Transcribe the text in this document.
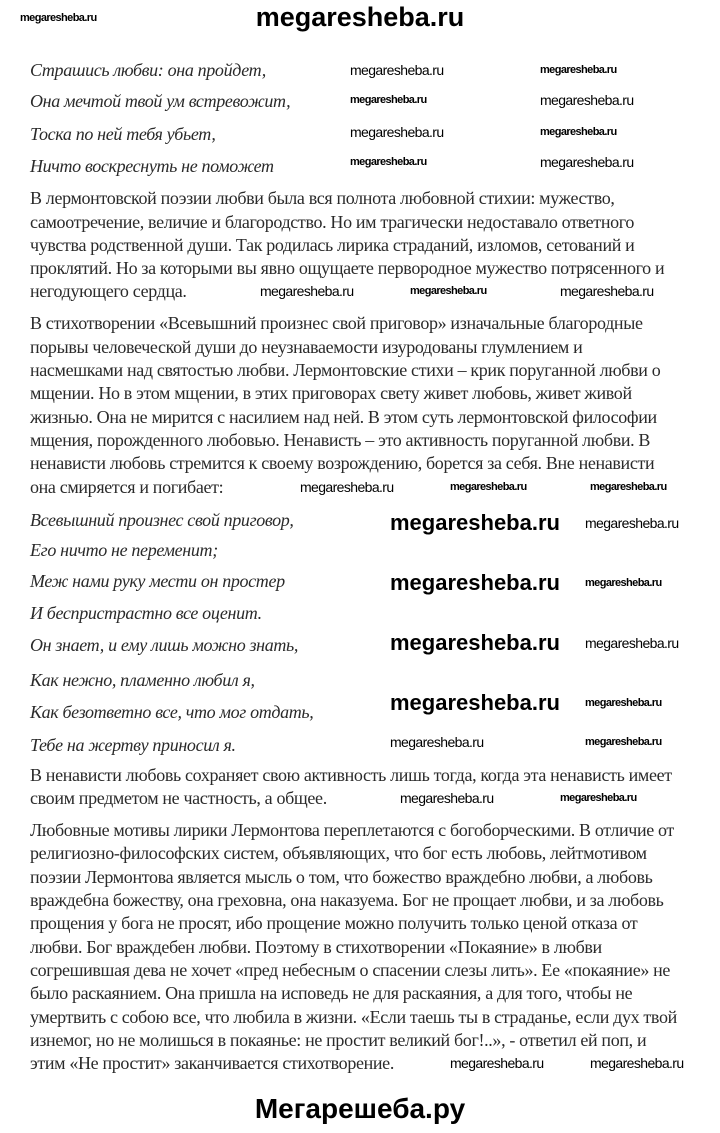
megaresheba.ru
Страшись любви: она пройдет,
Она мечтой твой ум встревожит,
Тоска по ней тебя убьет,
Ничто воскреснуть не поможет
В лермонтовской поэзии любви была вся полнота любовной стихии: мужество,
самоотречение, величие и благородство. Но им трагически недоставало ответного
чувства родственной души. Так родилась лирика страданий, изломов, сетований и
проклятий. Но за которыми вы явно ощущаете первородное мужество потрясенного и
негодующего сердца.
В стихотворении «Всевышний произнес свой приговор» изначальные благородные
порывы человеческой души до неузнаваемости изуродованы глумлением и
насмешками над святостью любви. Лермонтовские стихи – крик поруганной любви о
мщении. Но в этом мщении, в этих приговорах свету живет любовь, живет живой
жизнью. Она не мирится с насилием над ней. В этом суть лермонтовской философии
мщения, порожденного любовью. Ненависть – это активность поруганной любви. В
ненависти любовь стремится к своему возрождению, борется за себя. Вне ненависти
она смиряется и погибает:
Всевышний произнес свой приговор,
Его ничто не переменит;
Меж нами руку мести он простер
И беспристрастно все оценит.
Он знает, и ему лишь можно знать,
Как нежно, пламенно любил я,
Как безответно все, что мог отдать,
Тебе на жертву приносил я.
В ненависти любовь сохраняет свою активность лишь тогда, когда эта ненависть имеет
своим предметом не частность, а общее.
Любовные мотивы лирики Лермонтова переплетаются с богоборческими. В отличие от
религиозно-философских систем, объявляющих, что бог есть любовь, лейтмотивом
поэзии Лермонтова является мысль о том, что божество враждебно любви, а любовь
враждебна божеству, она греховна, она наказуема. Бог не прощает любви, и за любовь
прощения у бога не просят, ибо прощение можно получить только ценой отказа от
любви. Бог враждебен любви. Поэтому в стихотворении «Покаяние» в любви
согрешившая дева не хочет «пред небесным о спасении слезы лить». Ее «покаяние» не
было раскаянием. Она пришла на исповедь не для раскаяния, а для того, чтобы не
умертвить с собою все, что любила в жизни. «Если таешь ты в страданье, если дух твой
изнемог, но не молишься в покаянье: не простит великий бог!..», - ответил ей поп, и
этим «Не простит» заканчивается стихотворение.
megaresheba.ru
megaresheba.ru	megaresheba.ru
megaresheba.ru	megaresheba.ru
megaresheba.ru	megaresheba.ru
megaresheba.ru	megaresheba.ru
megaresheba.ru megaresheba.ru
megaresheba.ru megaresheba.ru
megaresheba.ru megaresheba.ru
megaresheba.ru megaresheba.ru
megaresheba.ru	megaresheba.ru
megaresheba.ru	megaresheba.ru	megaresheba.ru
megaresheba.ru	megaresheba.ru	megaresheba.ru
megaresheba.ru	megaresheba.ru
megaresheba.ru	megaresheba.ru
Мегарешеба.ру
